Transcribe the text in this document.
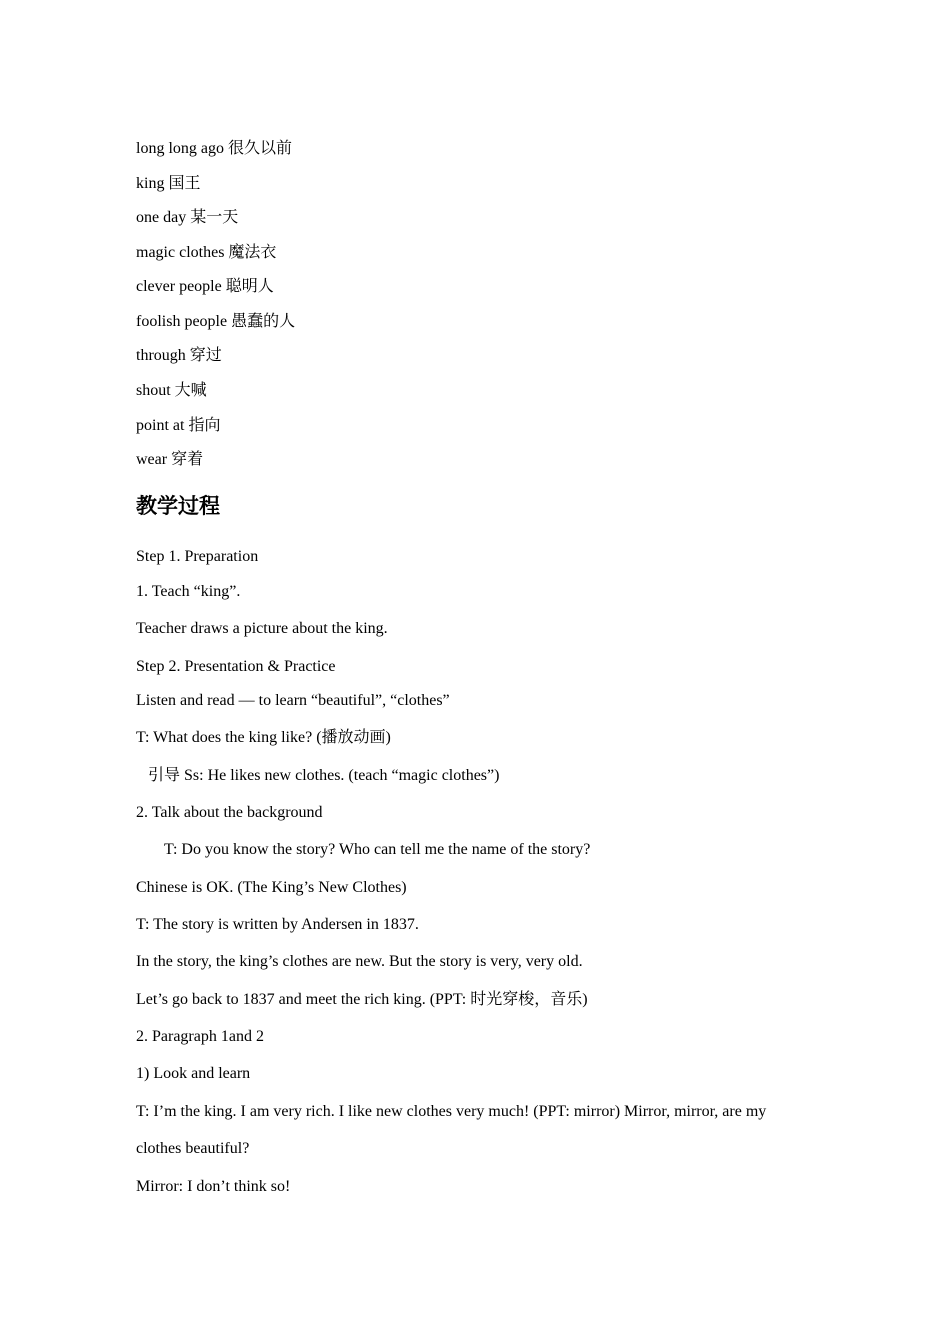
long long ago 很久以前
king 国王
one day 某一天
magic clothes 魔法衣
clever people 聪明人
foolish people 愚蠢的人
through 穿过
shout 大喊
point at 指向
wear 穿着
教学过程
Step 1. Preparation
1. Teach “king”.
Teacher draws a picture about the king.
Step 2. Presentation & Practice
Listen and read — to learn “beautiful”, “clothes”
T: What does the king like? (播放动画)
引导 Ss: He likes new clothes. (teach “magic clothes”)
2. Talk about the background
T: Do you know the story? Who can tell me the name of the story?
Chinese is OK. (The King’s New Clothes)
T: The story is written by Andersen in 1837.
In the story, the king’s clothes are new. But the story is very, very old.
Let’s go back to 1837 and meet the rich king. (PPT: 时光穿梭，音乐)
2. Paragraph 1and 2
1) Look and learn
T: I’m the king. I am very rich. I like new clothes very much! (PPT: mirror) Mirror, mirror, are my
clothes beautiful?
Mirror: I don’t think so!
